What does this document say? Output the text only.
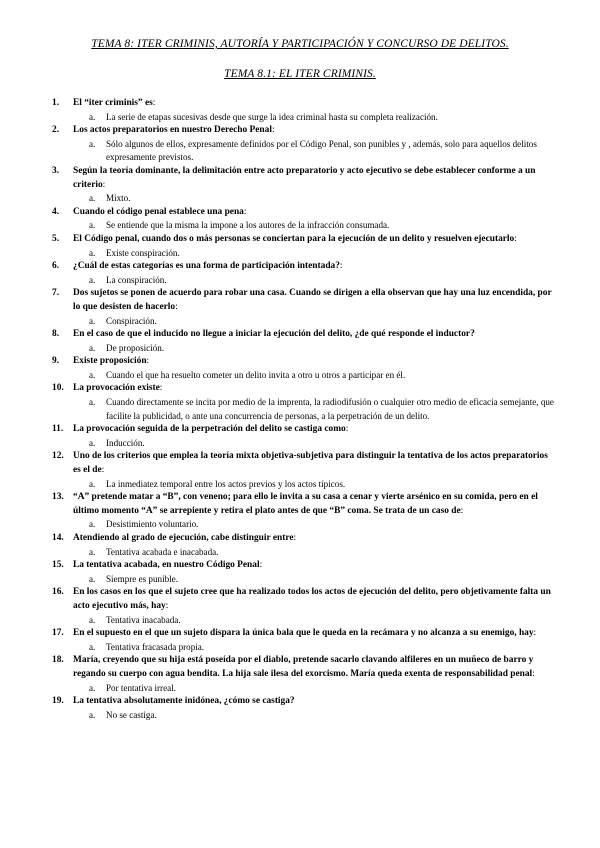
TEMA 8: ITER CRIMINIS, AUTORÍA Y PARTICIPACIÓN Y CONCURSO DE DELITOS.
TEMA 8.1: EL ITER CRIMINIS.
1. El “iter criminis” es:
a. La serie de etapas sucesivas desde que surge la idea criminal hasta su completa realización.
2. Los actos preparatorios en nuestro Derecho Penal:
a. Sólo algunos de ellos, expresamente definidos por el Código Penal, son punibles y , además, solo para aquellos delitos expresamente previstos.
3. Según la teoría dominante, la delimitación entre acto preparatorio y acto ejecutivo se debe establecer conforme a un criterio:
a. Mixto.
4. Cuando el código penal establece una pena:
a. Se entiende que la misma la impone a los autores de la infracción consumada.
5. El Código penal, cuando dos o más personas se conciertan para la ejecución de un delito y resuelven ejecutarlo:
a. Existe conspiración.
6. ¿Cuál de estas categorías es una forma de participación intentada?:
a. La conspiración.
7. Dos sujetos se ponen de acuerdo para robar una casa. Cuando se dirigen a ella observan que hay una luz encendida, por lo que desisten de hacerlo:
a. Conspiración.
8. En el caso de que el inducido no llegue a iniciar la ejecución del delito, ¿de qué responde el inductor?
a. De proposición.
9. Existe proposición:
a. Cuando el que ha resuelto cometer un delito invita a otro u otros a participar en él.
10. La provocación existe:
a. Cuando directamente se incita por medio de la imprenta, la radiodifusión o cualquier otro medio de eficacia semejante, que facilite la publicidad, o ante una concurrencia de personas, a la perpetración de un delito.
11. La provocación seguida de la perpetración del delito se castiga como:
a. Inducción.
12. Uno de los criterios que emplea la teoría mixta objetiva-subjetiva para distinguir la tentativa de los actos preparatorios es el de:
a. La inmediatez temporal entre los actos previos y los actos típicos.
13. “A” pretende matar a “B”, con veneno; para ello le invita a su casa a cenar y vierte arsénico en su comida, pero en el último momento “A” se arrepiente y retira el plato antes de que “B” coma. Se trata de un caso de:
a. Desistimiento voluntario.
14. Atendiendo al grado de ejecución, cabe distinguir entre:
a. Tentativa acabada e inacabada.
15. La tentativa acabada, en nuestro Código Penal:
a. Siempre es punible.
16. En los casos en los que el sujeto cree que ha realizado todos los actos de ejecución del delito, pero objetivamente falta un acto ejecutivo más, hay:
a. Tentativa inacabada.
17. En el supuesto en el que un sujeto dispara la única bala que le queda en la recámara y no alcanza a su enemigo, hay:
a. Tentativa fracasada propia.
18. María, creyendo que su hija está poseída por el diablo, pretende sacarlo clavando alfileres en un muñeco de barro y regando su cuerpo con agua bendita. La hija sale ilesa del exorcismo. María queda exenta de responsabilidad penal:
a. Por tentativa irreal.
19. La tentativa absolutamente inidónea, ¿cómo se castiga?
a. No se castiga.
